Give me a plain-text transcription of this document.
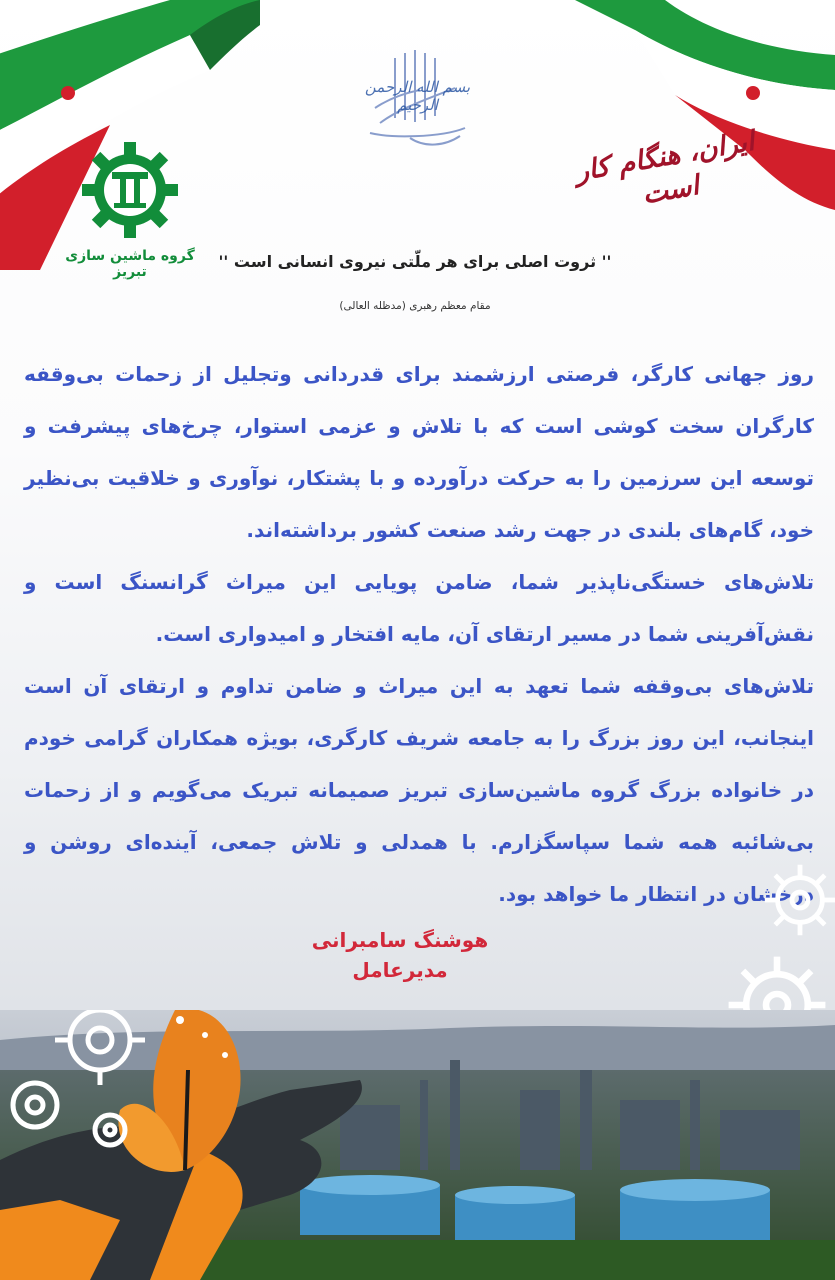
گروه ماشین سازی تبریز
بسم الله الرحمن الرحیم
ایران، هنگام کار است
'' ثروت اصلی برای هر ملّتی نیروی انسانی است ''
مقام معظم رهبری (مدظله العالی)
روز جهانی کارگر، فرصتی ارزشمند برای قدردانی وتجلیل از زحمات بی‌وقفه کارگران سخت کوشی است که با تلاش و عزمی استوار، چرخ‌های پیشرفت و توسعه این سرزمین را به حرکت درآورده و با پشتکار، نوآوری و خلاقیت بی‌نظیر خود، گام‌های بلندی در جهت رشد صنعت کشور برداشته‌اند.
تلاش‌های خستگی‌ناپذیر شما، ضامن پویایی این میراث گرانسنگ است و نقش‌آفرینی شما در مسیر ارتقای آن، مایه افتخار و امیدواری است.
تلاش‌های بی‌وقفه شما تعهد به این میراث و ضامن تداوم و ارتقای آن است اینجانب، این روز بزرگ را به جامعه شریف کارگری، بویژه همکاران گرامی خودم در خانواده بزرگ گروه ماشین‌سازی تبریز صمیمانه تبریک می‌گویم و از زحمات بی‌شائبه همه شما سپاسگزارم. با همدلی و تلاش جمعی، آینده‌ای روشن و درخشان در انتظار ما خواهد بود.
هوشنگ سامبرانی
مدیرعامل
